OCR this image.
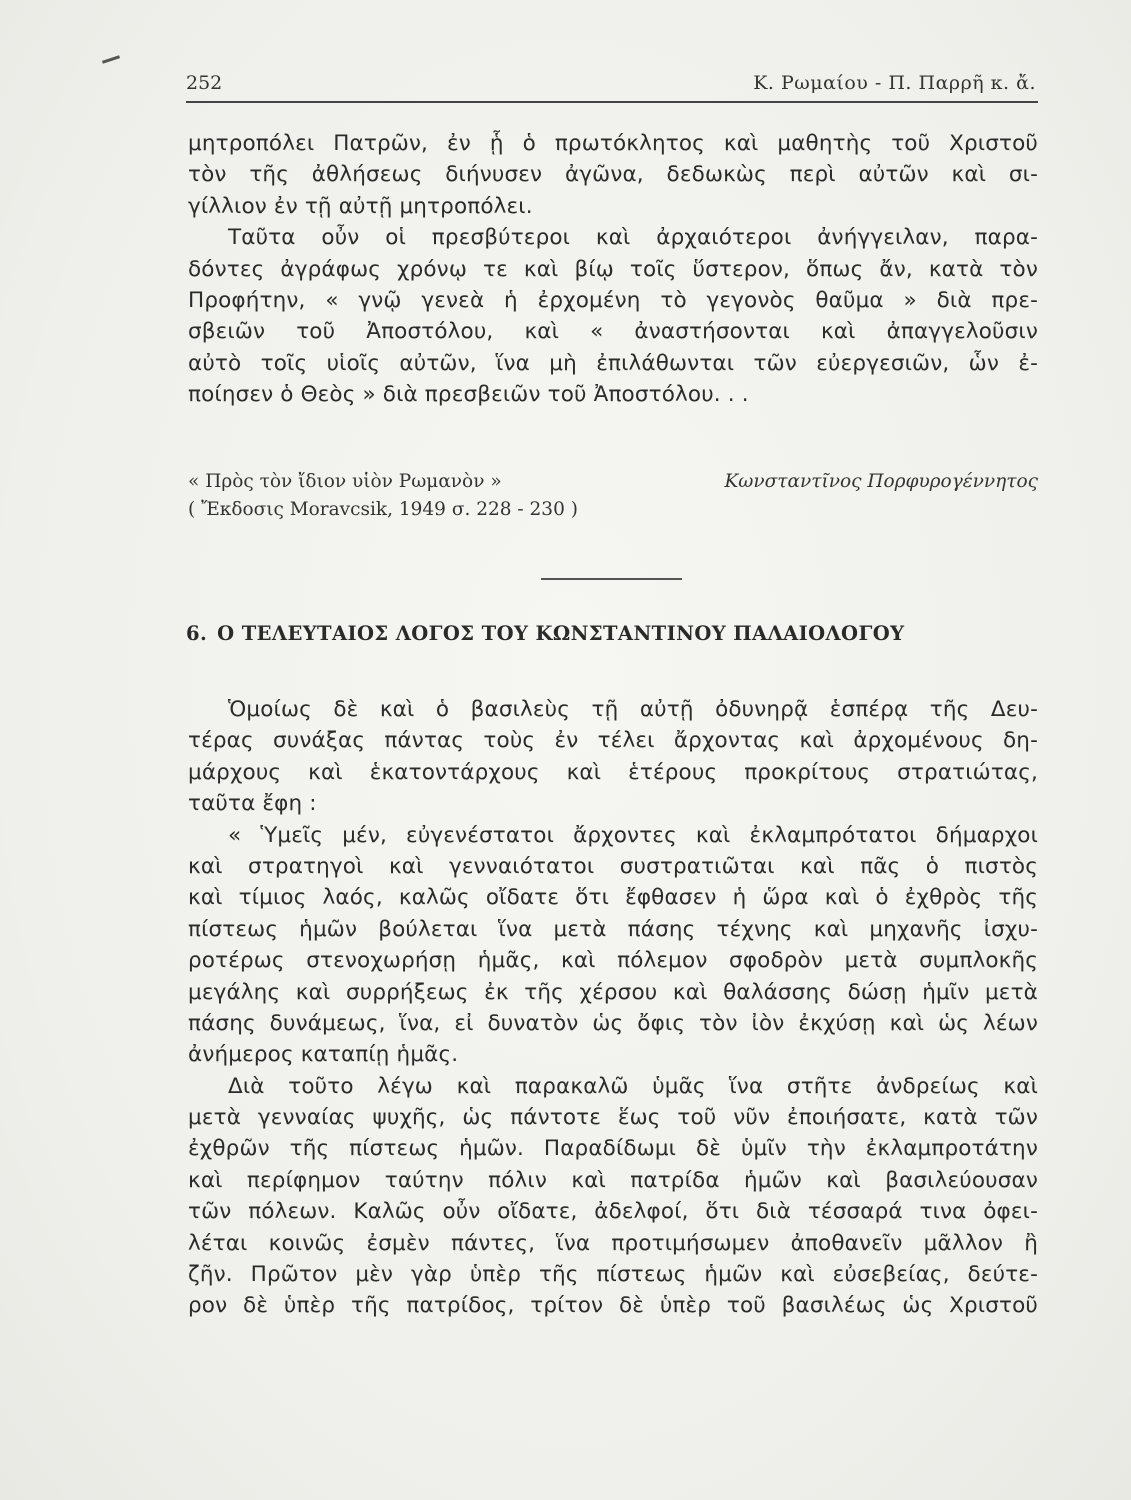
252	Κ. Ρωμαίου - Π. Παρρῆ κ. ἄ.
μητροπόλει Πατρῶν, ἐν ᾗ ὁ πρωτόκλητος καὶ μαθητὴς τοῦ Χριστοῦ
τὸν τῆς ἀθλήσεως διήνυσεν ἀγῶνα, δεδωκὼς περὶ αὐτῶν καὶ σι-
γίλλιον ἐν τῇ αὐτῇ μητροπόλει.
Ταῦτα οὖν οἱ πρεσβύτεροι καὶ ἀρχαιότεροι ἀνήγγειλαν, παρα-
δόντες ἀγράφως χρόνῳ τε καὶ βίῳ τοῖς ὕστερον, ὅπως ἄν, κατὰ τὸν
Προφήτην, « γνῷ γενεὰ ἡ ἐρχομένη τὸ γεγονὸς θαῦμα » διὰ πρε-
σβειῶν τοῦ Ἀποστόλου, καὶ « ἀναστήσονται καὶ ἀπαγγελοῦσιν
αὐτὸ τοῖς υἱοῖς αὐτῶν, ἵνα μὴ ἐπιλάθωνται τῶν εὐεργεσιῶν, ὧν ἐ-
ποίησεν ὁ Θεὸς » διὰ πρεσβειῶν τοῦ Ἀποστόλου. . .
« Πρὸς τὸν ἴδιον υἱὸν Ρωμανὸν »	Κωνσταντῖνος Πορφυρογέννητος
( Ἔκδοσις Moravcsik, 1949 σ. 228 - 230 )
6. Ο ΤΕΛΕΥΤΑΙΟΣ ΛΟΓΟΣ ΤΟΥ ΚΩΝΣΤΑΝΤΙΝΟΥ ΠΑΛΑΙΟΛΟΓΟΥ
Ὁμοίως δὲ καὶ ὁ βασιλεὺς τῇ αὐτῇ ὀδυνηρᾷ ἑσπέρᾳ τῆς Δευ-
τέρας συνάξας πάντας τοὺς ἐν τέλει ἄρχοντας καὶ ἀρχομένους δη-
μάρχους καὶ ἑκατοντάρχους καὶ ἑτέρους προκρίτους στρατιώτας,
ταῦτα ἔφη :
« Ὑμεῖς μέν, εὐγενέστατοι ἄρχοντες καὶ ἐκλαμπρότατοι δήμαρχοι
καὶ στρατηγοὶ καὶ γενναιότατοι συστρατιῶται καὶ πᾶς ὁ πιστὸς
καὶ τίμιος λαός, καλῶς οἴδατε ὅτι ἔφθασεν ἡ ὥρα καὶ ὁ ἐχθρὸς τῆς
πίστεως ἡμῶν βούλεται ἵνα μετὰ πάσης τέχνης καὶ μηχανῆς ἰσχυ-
ροτέρως στενοχωρήσῃ ἡμᾶς, καὶ πόλεμον σφοδρὸν μετὰ συμπλοκῆς
μεγάλης καὶ συρρήξεως ἐκ τῆς χέρσου καὶ θαλάσσης δώσῃ ἡμῖν μετὰ
πάσης δυνάμεως, ἵνα, εἰ δυνατὸν ὡς ὄφις τὸν ἰὸν ἐκχύσῃ καὶ ὡς λέων
ἀνήμερος καταπίῃ ἡμᾶς.
Διὰ τοῦτο λέγω καὶ παρακαλῶ ὑμᾶς ἵνα στῆτε ἀνδρείως καὶ
μετὰ γενναίας ψυχῆς, ὡς πάντοτε ἕως τοῦ νῦν ἐποιήσατε, κατὰ τῶν
ἐχθρῶν τῆς πίστεως ἡμῶν. Παραδίδωμι δὲ ὑμῖν τὴν ἐκλαμπροτάτην
καὶ περίφημον ταύτην πόλιν καὶ πατρίδα ἡμῶν καὶ βασιλεύουσαν
τῶν πόλεων. Καλῶς οὖν οἴδατε, ἀδελφοί, ὅτι διὰ τέσσαρά τινα ὀφει-
λέται κοινῶς ἐσμὲν πάντες, ἵνα προτιμήσωμεν ἀποθανεῖν μᾶλλον ἢ
ζῆν. Πρῶτον μὲν γὰρ ὑπὲρ τῆς πίστεως ἡμῶν καὶ εὐσεβείας, δεύτε-
ρον δὲ ὑπὲρ τῆς πατρίδος, τρίτον δὲ ὑπὲρ τοῦ βασιλέως ὡς Χριστοῦ
